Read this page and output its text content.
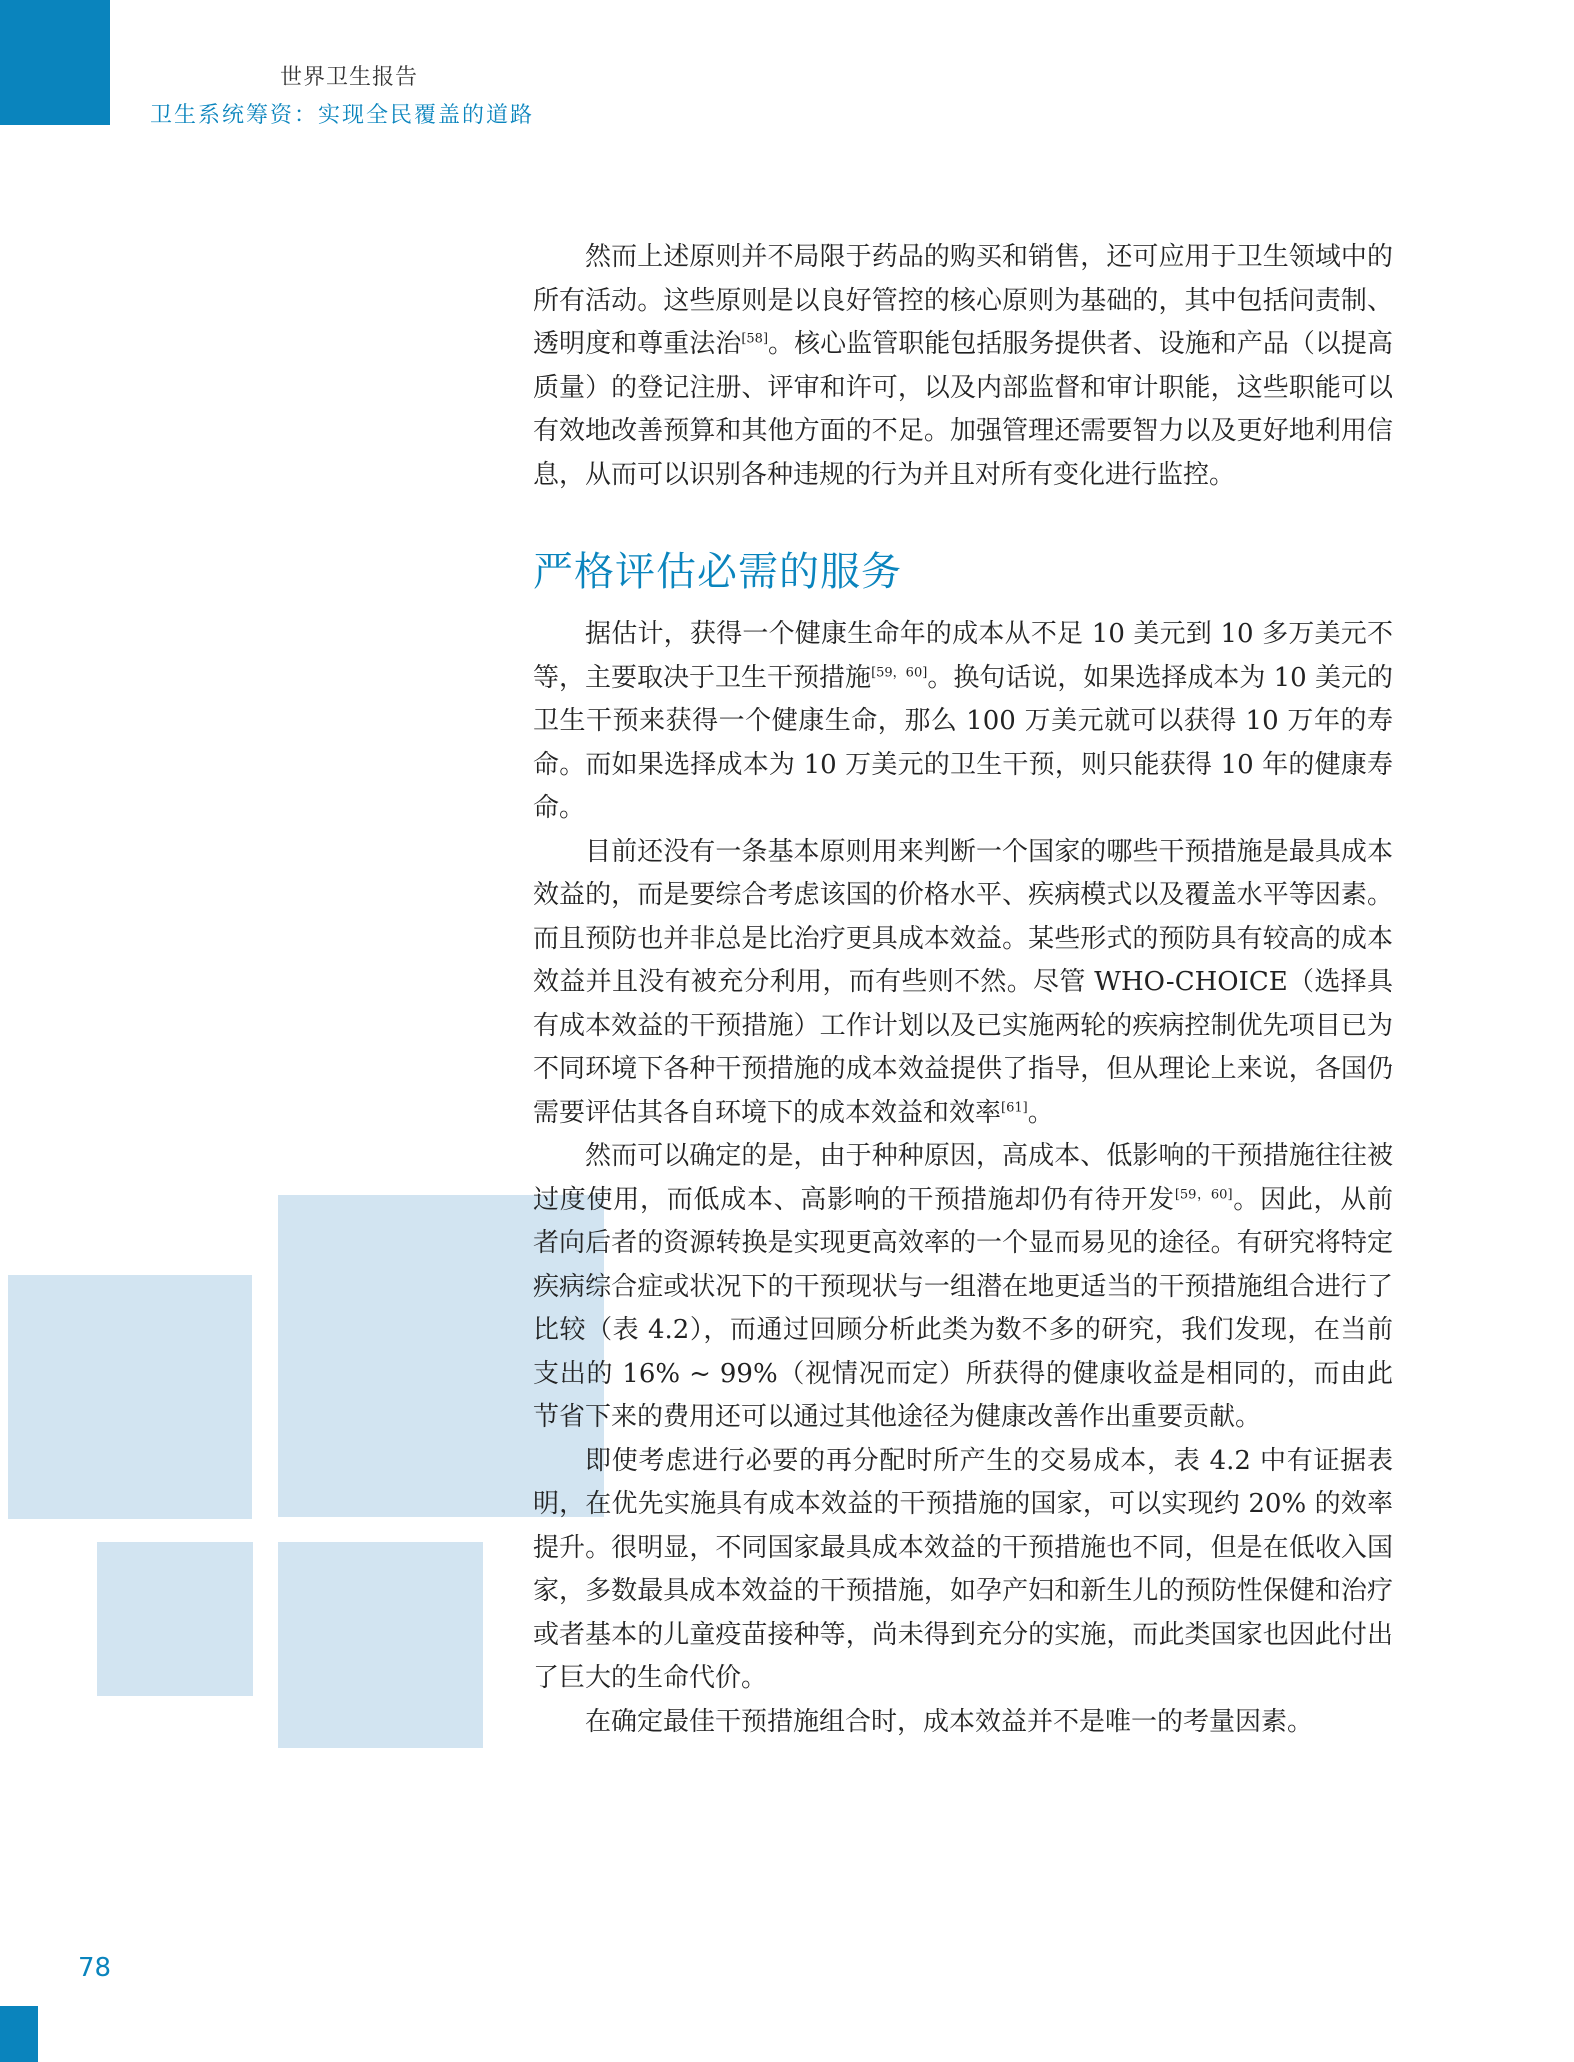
世界卫生报告
卫生系统筹资：实现全民覆盖的道路

然而上述原则并不局限于药品的购买和销售，还可应用于卫生领域中的所有活动。这些原则是以良好管控的核心原则为基础的，其中包括问责制、透明度和尊重法治[58]。核心监管职能包括服务提供者、设施和产品（以提高质量）的登记注册、评审和许可，以及内部监督和审计职能，这些职能可以有效地改善预算和其他方面的不足。加强管理还需要智力以及更好地利用信息，从而可以识别各种违规的行为并且对所有变化进行监控。

严格评估必需的服务

据估计，获得一个健康生命年的成本从不足 10 美元到 10 多万美元不等，主要取决于卫生干预措施[59，60]。换句话说，如果选择成本为 10 美元的卫生干预来获得一个健康生命，那么 100 万美元就可以获得 10 万年的寿命。而如果选择成本为 10 万美元的卫生干预，则只能获得 10 年的健康寿命。

目前还没有一条基本原则用来判断一个国家的哪些干预措施是最具成本效益的，而是要综合考虑该国的价格水平、疾病模式以及覆盖水平等因素。而且预防也并非总是比治疗更具成本效益。某些形式的预防具有较高的成本效益并且没有被充分利用，而有些则不然。尽管 WHO-CHOICE（选择具有成本效益的干预措施）工作计划以及已实施两轮的疾病控制优先项目已为不同环境下各种干预措施的成本效益提供了指导，但从理论上来说，各国仍需要评估其各自环境下的成本效益和效率[61]。

然而可以确定的是，由于种种原因，高成本、低影响的干预措施往往被过度使用，而低成本、高影响的干预措施却仍有待开发[59，60]。因此，从前者向后者的资源转换是实现更高效率的一个显而易见的途径。有研究将特定疾病综合症或状况下的干预现状与一组潜在地更适当的干预措施组合进行了比较（表 4.2），而通过回顾分析此类为数不多的研究，我们发现，在当前支出的 16% ~ 99%（视情况而定）所获得的健康收益是相同的，而由此节省下来的费用还可以通过其他途径为健康改善作出重要贡献。

即使考虑进行必要的再分配时所产生的交易成本，表 4.2 中有证据表明，在优先实施具有成本效益的干预措施的国家，可以实现约 20% 的效率提升。很明显，不同国家最具成本效益的干预措施也不同，但是在低收入国家，多数最具成本效益的干预措施，如孕产妇和新生儿的预防性保健和治疗或者基本的儿童疫苗接种等，尚未得到充分的实施，而此类国家也因此付出了巨大的生命代价。

在确定最佳干预措施组合时，成本效益并不是唯一的考量因素。

78
